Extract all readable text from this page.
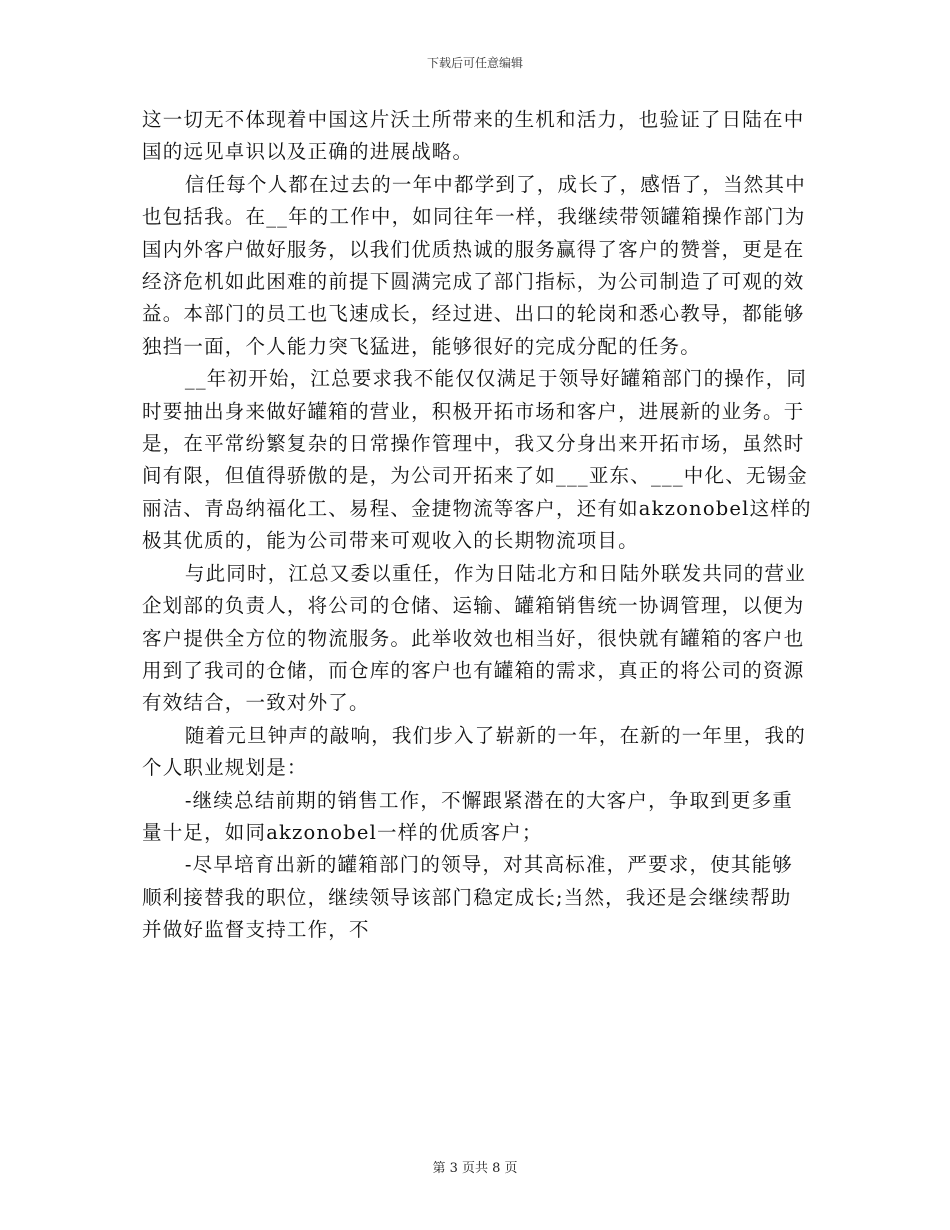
下载后可任意编辑

这一切无不体现着中国这片沃土所带来的生机和活力，也验证了日陆在中国的远见卓识以及正确的进展战略。

信任每个人都在过去的一年中都学到了，成长了，感悟了，当然其中也包括我。在__年的工作中，如同往年一样，我继续带领罐箱操作部门为国内外客户做好服务，以我们优质热诚的服务赢得了客户的赞誉，更是在经济危机如此困难的前提下圆满完成了部门指标，为公司制造了可观的效益。本部门的员工也飞速成长，经过进、出口的轮岗和悉心教导，都能够独挡一面，个人能力突飞猛进，能够很好的完成分配的任务。

__年初开始，江总要求我不能仅仅满足于领导好罐箱部门的操作，同时要抽出身来做好罐箱的营业，积极开拓市场和客户，进展新的业务。于是，在平常纷繁复杂的日常操作管理中，我又分身出来开拓市场，虽然时间有限，但值得骄傲的是，为公司开拓来了如___亚东、___中化、无锡金丽洁、青岛纳福化工、易程、金捷物流等客户，还有如akzonobel这样的极其优质的，能为公司带来可观收入的长期物流项目。

与此同时，江总又委以重任，作为日陆北方和日陆外联发共同的营业企划部的负责人，将公司的仓储、运输、罐箱销售统一协调管理，以便为客户提供全方位的物流服务。此举收效也相当好，很快就有罐箱的客户也用到了我司的仓储，而仓库的客户也有罐箱的需求，真正的将公司的资源有效结合，一致对外了。

随着元旦钟声的敲响，我们步入了崭新的一年，在新的一年里，我的个人职业规划是：

-继续总结前期的销售工作，不懈跟紧潜在的大客户，争取到更多重量十足，如同akzonobel一样的优质客户；

-尽早培育出新的罐箱部门的领导，对其高标准，严要求，使其能够顺利接替我的职位，继续领导该部门稳定成长;当然，我还是会继续帮助并做好监督支持工作，不

第 3 页共 8 页
